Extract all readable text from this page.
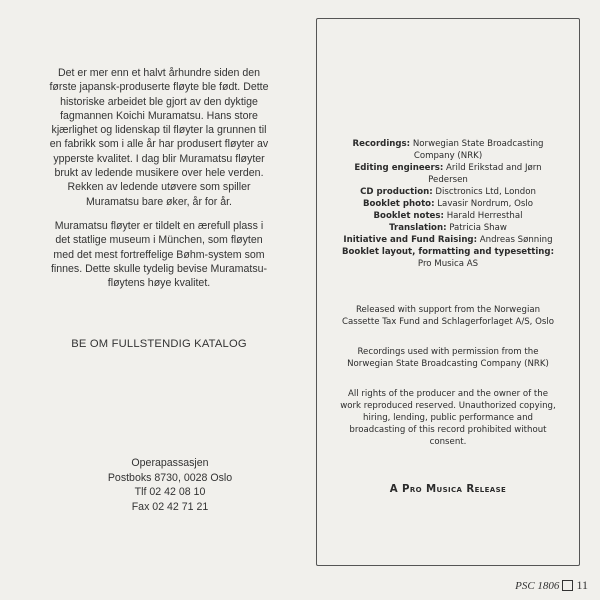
Det er mer enn et halvt århundre siden den
første japansk-produserte fløyte ble født. Dette
historiske arbeidet ble gjort av den dyktige
fagmannen Koichi Muramatsu. Hans store
kjærlighet og lidenskap til fløyter la grunnen til
en fabrikk som i alle år har produsert fløyter av
ypperste kvalitet. I dag blir Muramatsu fløyter
brukt av ledende musikere over hele verden.
Rekken av ledende utøvere som spiller
Muramatsu bare øker, år for år.
Muramatsu fløyter er tildelt en ærefull plass i
det statlige museum i München, som fløyten
med det mest fortreffelige Bøhm-system som
finnes. Dette skulle tydelig bevise Muramatsu-
fløytens høye kvalitet.
BE OM FULLSTENDIG KATALOG
Operapassasjen
Postboks 8730, 0028 Oslo
Tlf 02 42 08 10
Fax 02 42 71 21
Recordings: Norwegian State Broadcasting
Company (NRK)
Editing engineers: Arild Erikstad and Jørn
Pedersen
CD production: Disctronics Ltd, London
Booklet photo: Lavasir Nordrum, Oslo
Booklet notes: Harald Herresthal
Translation: Patricia Shaw
Initiative and Fund Raising: Andreas Sønning
Booklet layout, formatting and typesetting:
Pro Musica AS
Released with support from the Norwegian
Cassette Tax Fund and Schlagerforlaget A/S, Oslo
Recordings used with permission from the
Norwegian State Broadcasting Company (NRK)
All rights of the producer and the owner of the
work reproduced reserved. Unauthorized copying,
hiring, lending, public performance and
broadcasting of this record prohibited without
consent.
A Pro Musica Release
PSC 1806 11
